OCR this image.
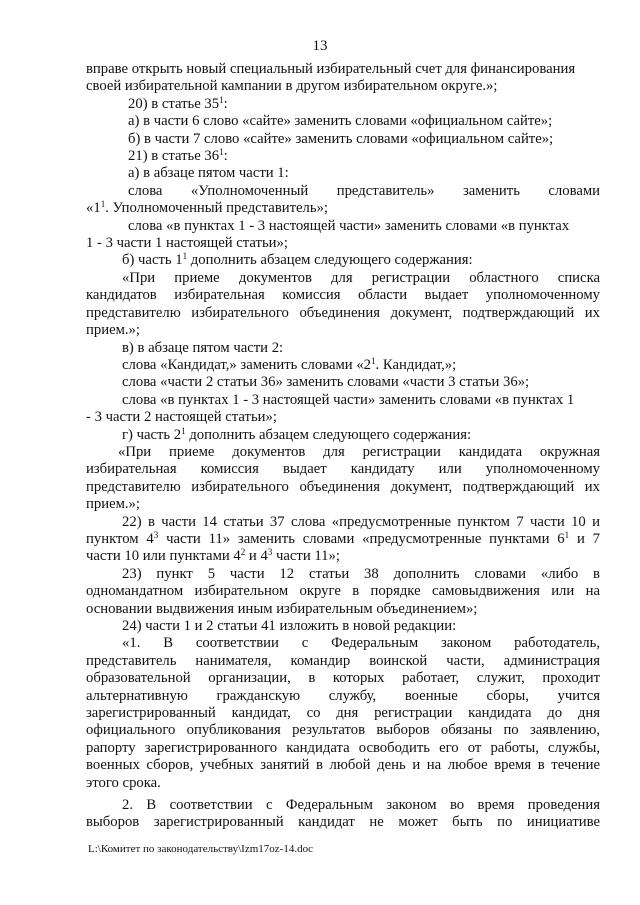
13
вправе открыть новый специальный избирательный счет для финансирования
своей избирательной кампании в другом избирательном округе.»;
20) в статье $35^1$:
а) в части 6 слово «сайте» заменить словами «официальном сайте»;
б) в части 7 слово «сайте» заменить словами «официальном сайте»;
21) в статье $36^1$:
а) в абзаце пятом части 1:
слова «Уполномоченный представитель» заменить словами
«$1^1$. Уполномоченный представитель»;
слова «в пунктах 1 - 3 настоящей части» заменить словами «в пунктах
1 - 3 части 1 настоящей статьи»;
б) часть $1^1$ дополнить абзацем следующего содержания:
«При приеме документов для регистрации областного списка
кандидатов избирательная комиссия области выдает уполномоченному
представителю избирательного объединения документ, подтверждающий их
прием.»;
в) в абзаце пятом части 2:
слова «Кандидат,» заменить словами «$2^1$. Кандидат,»;
слова «части 2 статьи 36» заменить словами «части 3 статьи 36»;
слова «в пунктах 1 - 3 настоящей части» заменить словами «в пунктах 1
- 3 части 2 настоящей статьи»;
г) часть $2^1$ дополнить абзацем следующего содержания:
«При приеме документов для регистрации кандидата окружная
избирательная комиссия выдает кандидату или уполномоченному
представителю избирательного объединения документ, подтверждающий их
прием.»;
22) в части 14 статьи 37 слова «предусмотренные пунктом 7 части 10 и
пунктом $4^3$ части 11» заменить словами «предусмотренные пунктами $6^1$ и 7
части 10 или пунктами $4^2$ и $4^3$ части 11»;
23) пункт 5 части 12 статьи 38 дополнить словами «либо в
одномандатном избирательном округе в порядке самовыдвижения или на
основании выдвижения иным избирательным объединением»;
24) части 1 и 2 статьи 41 изложить в новой редакции:
«1. В соответствии с Федеральным законом работодатель,
представитель нанимателя, командир воинской части, администрация
образовательной организации, в которых работает, служит, проходит
альтернативную гражданскую службу, военные сборы, учится
зарегистрированный кандидат, со дня регистрации кандидата до дня
официального опубликования результатов выборов обязаны по заявлению,
рапорту зарегистрированного кандидата освободить его от работы, службы,
военных сборов, учебных занятий в любой день и на любое время в течение
этого срока.
2. В соответствии с Федеральным законом во время проведения
выборов зарегистрированный кандидат не может быть по инициативе
L:\Комитет по законодательству\Izm17oz-14.doc
